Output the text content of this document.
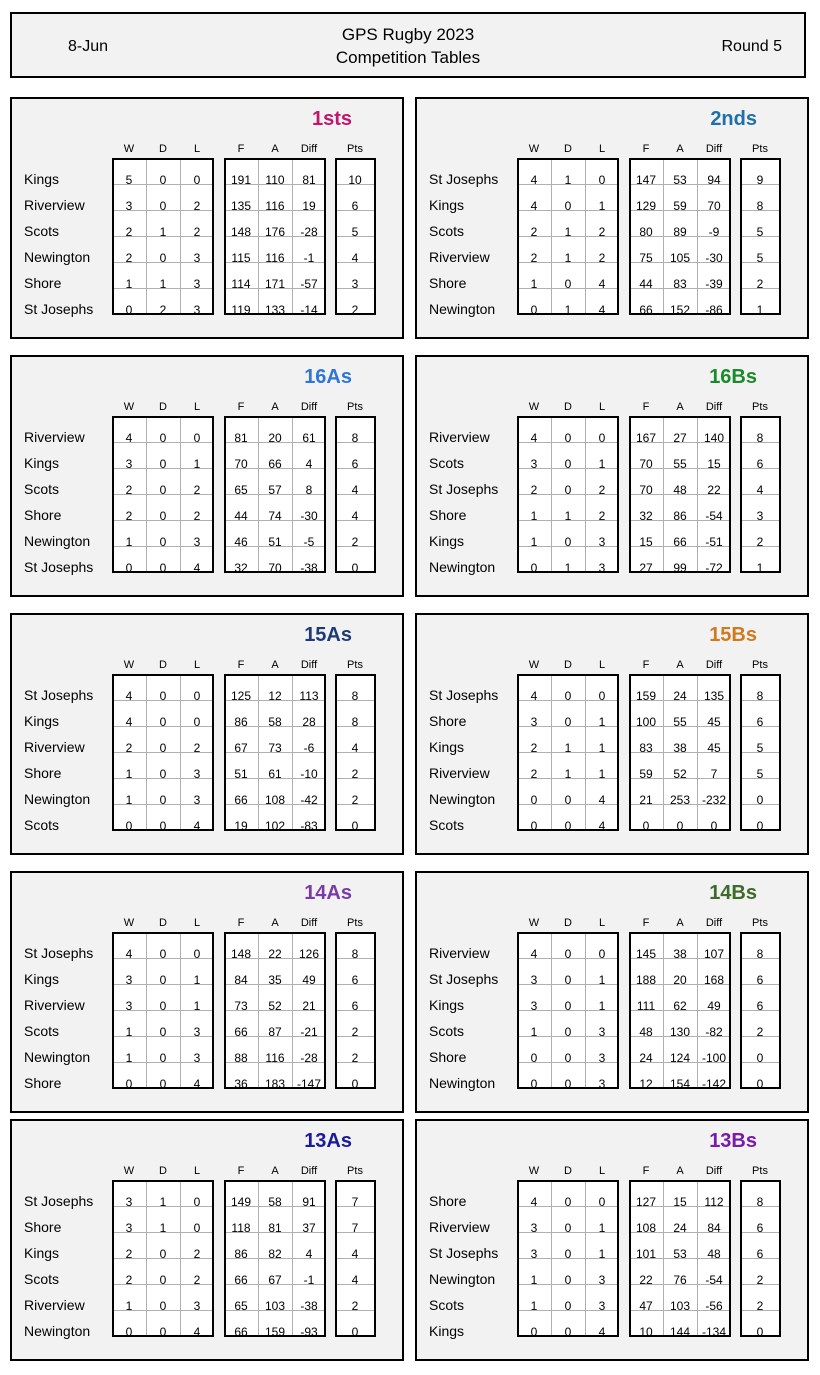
8-Jun
GPS Rugby 2023
Competition Tables
Round 5
1sts
W	D	L	F	A	Diff	Pts
Kings	5	0	0	191	110	81	10
Riverview	3	0	2	135	116	19	6
Scots	2	1	2	148	176	-28	5
Newington	2	0	3	115	116	-1	4
Shore	1	1	3	114	171	-57	3
St Josephs	0	2	3	119	133	-14	2
2nds
W	D	L	F	A	Diff	Pts
St Josephs	4	1	0	147	53	94	9
Kings	4	0	1	129	59	70	8
Scots	2	1	2	80	89	-9	5
Riverview	2	1	2	75	105	-30	5
Shore	1	0	4	44	83	-39	2
Newington	0	1	4	66	152	-86	1
16As
W	D	L	F	A	Diff	Pts
Riverview	4	0	0	81	20	61	8
Kings	3	0	1	70	66	4	6
Scots	2	0	2	65	57	8	4
Shore	2	0	2	44	74	-30	4
Newington	1	0	3	46	51	-5	2
St Josephs	0	0	4	32	70	-38	0
16Bs
W	D	L	F	A	Diff	Pts
Riverview	4	0	0	167	27	140	8
Scots	3	0	1	70	55	15	6
St Josephs	2	0	2	70	48	22	4
Shore	1	1	2	32	86	-54	3
Kings	1	0	3	15	66	-51	2
Newington	0	1	3	27	99	-72	1
15As
W	D	L	F	A	Diff	Pts
St Josephs	4	0	0	125	12	113	8
Kings	4	0	0	86	58	28	8
Riverview	2	0	2	67	73	-6	4
Shore	1	0	3	51	61	-10	2
Newington	1	0	3	66	108	-42	2
Scots	0	0	4	19	102	-83	0
15Bs
W	D	L	F	A	Diff	Pts
St Josephs	4	0	0	159	24	135	8
Shore	3	0	1	100	55	45	6
Kings	2	1	1	83	38	45	5
Riverview	2	1	1	59	52	7	5
Newington	0	0	4	21	253 -232	0
Scots	0	0	4	0	0	0	0
14As
W	D	L	F	A	Diff	Pts
St Josephs	4	0	0	148	22	126	8
Kings	3	0	1	84	35	49	6
Riverview	3	0	1	73	52	21	6
Scots	1	0	3	66	87	-21	2
Newington	1	0	3	88	116	-28	2
Shore	0	0	4	36	183 -147	0
14Bs
W	D	L	F	A	Diff	Pts
Riverview	4	0	0	145	38	107	8
St Josephs	3	0	1	188	20	168	6
Kings	3	0	1	111	62	49	6
Scots	1	0	3	48	130	-82	2
Shore	0	0	3	24	124 -100	0
Newington	0	0	3	12	154 -142	0
13As
W	D	L	F	A	Diff	Pts
St Josephs	3	1	0	149	58	91	7
Shore	3	1	0	118	81	37	7
Kings	2	0	2	86	82	4	4
Scots	2	0	2	66	67	-1	4
Riverview	1	0	3	65	103	-38	2
Newington	0	0	4	66	159	-93	0
13Bs
W	D	L	F	A	Diff	Pts
Shore	4	0	0	127	15	112	8
Riverview	3	0	1	108	24	84	6
St Josephs	3	0	1	101	53	48	6
Newington	1	0	3	22	76	-54	2
Scots	1	0	3	47	103	-56	2
Kings	0	0	4	10	144 -134	0
